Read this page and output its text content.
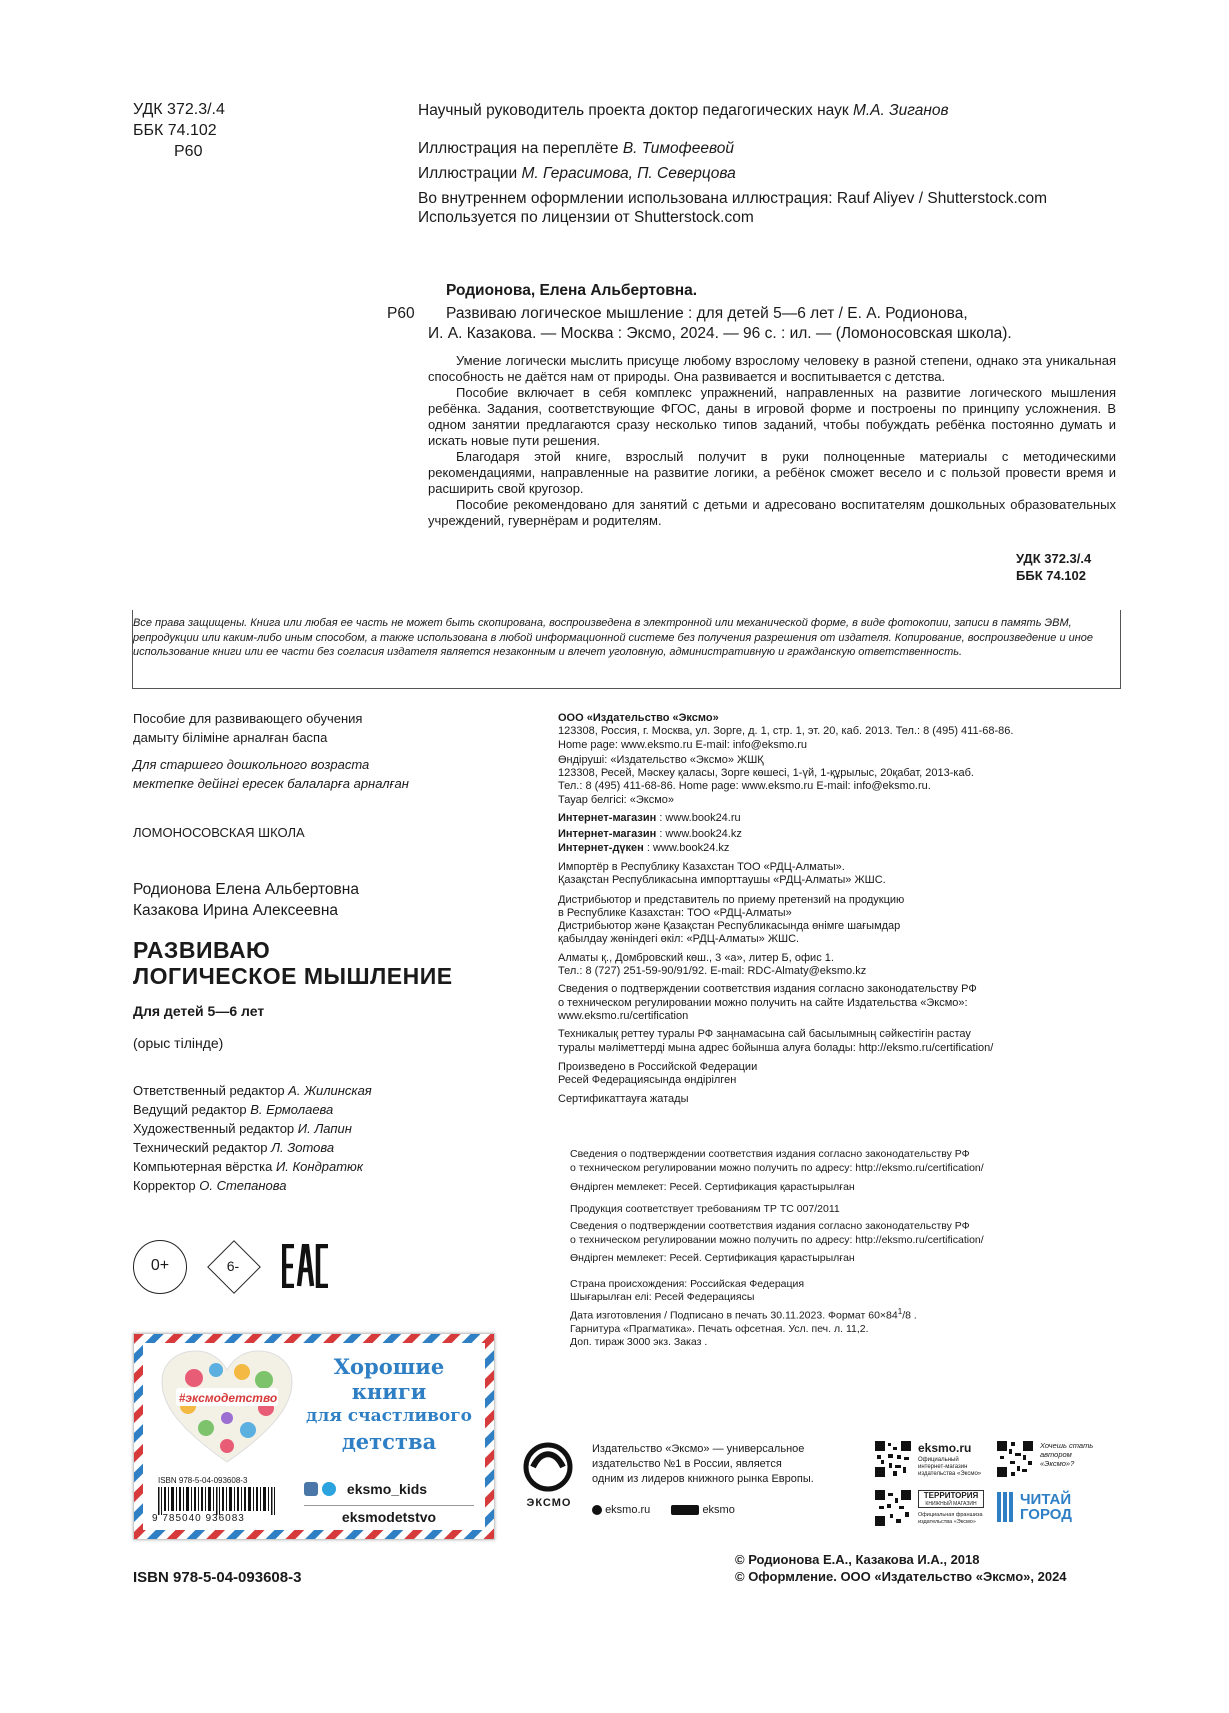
УДК 372.3/.4
ББК 74.102
Р60
Научный руководитель проекта доктор педагогических наук М.А. Зиганов
Иллюстрация на переплёте В. Тимофеевой
Иллюстрации М. Герасимова, П. Северцова
Во внутреннем оформлении использована иллюстрация: Rauf Aliyev / Shutterstock.com
Используется по лицензии от Shutterstock.com
Родионова, Елена Альбертовна.
Р60	Развиваю логическое мышление : для детей 5—6 лет / Е. А. Родионова,
И. А. Казакова. — Москва : Эксмо, 2024. — 96 с. : ил. — (Ломоносовская школа).
Умение логически мыслить присуще любому взрослому человеку в разной степени, однако эта уникальная способность не даётся нам от природы. Она развивается и воспитывается с детства.
Пособие включает в себя комплекс упражнений, направленных на развитие логического мышления ребёнка. Задания, соответствующие ФГОС, даны в игровой форме и построены по принципу усложнения. В одном занятии предлагаются сразу несколько типов заданий, чтобы побуждать ребёнка постоянно думать и искать новые пути решения.
Благодаря этой книге, взрослый получит в руки полноценные материалы с методическими рекомендациями, направленные на развитие логики, а ребёнок сможет весело и с пользой провести время и расширить свой кругозор.
Пособие рекомендовано для занятий с детьми и адресовано воспитателям дошкольных образовательных учреждений, гувернёрам и родителям.
УДК 372.3/.4
ББК 74.102
Все права защищены. Книга или любая ее часть не может быть скопирована, воспроизведена в электронной или механической форме, в виде фотокопии, записи в память ЭВМ, репродукции или каким-либо иным способом, а также использована в любой информационной системе без получения разрешения от издателя. Копирование, воспроизведение и иное использование книги или ее части без согласия издателя является незаконным и влечет уголовную, административную и гражданскую ответственность.
Пособие для развивающего обучения
дамыту біліміне арналған баспа
Для старшего дошкольного возраста
мектепке дейінгі ересек балаларға арналған
ЛОМОНОСОВСКАЯ ШКОЛА
Родионова Елена Альбертовна
Казакова Ирина Алексеевна
РАЗВИВАЮ
ЛОГИЧЕСКОЕ МЫШЛЕНИЕ
Для детей 5—6 лет
(орыс тілінде)
Ответственный редактор А. Жилинская
Ведущий редактор В. Ермолаева
Художественный редактор И. Лапин
Технический редактор Л. Зотова
Компьютерная вёрстка И. Кондратюк
Корректор О. Степанова
0+	6-
EAC
#эксмодетство
Хорошие
книги
для счастливого
детства
ISBN 978-5-04-093608-3
9 785040 936083
eksmo_kids
eksmodetstvo
ООО «Издательство «Эксмо»
123308, Россия, г. Москва, ул. Зорге, д. 1, стр. 1, эт. 20, каб. 2013. Тел.: 8 (495) 411-68-86.
Home page: www.eksmo.ru E-mail: info@eksmo.ru
Өндіруші: «Издательство «Эксмо» ЖШҚ
123308, Ресей, Мәскеу қаласы, Зорге көшесі, 1-үй, 1-құрылыс, 20қабат, 2013-каб.
Тел.: 8 (495) 411-68-86. Home page: www.eksmo.ru E-mail: info@eksmo.ru.
Тауар белгісі: «Эксмо»
Интернет-магазин : www.book24.ru
Интернет-магазин : www.book24.kz
Интернет-дүкен : www.book24.kz
Импортёр в Республику Казахстан ТОО «РДЦ-Алматы».
Қазақстан Республикасына импорттаушы «РДЦ-Алматы» ЖШС.
Дистрибьютор и представитель по приему претензий на продукцию
в Республике Казахстан: ТОО «РДЦ-Алматы»
Дистрибьютор және Қазақстан Республикасында өнімге шағымдар
қабылдау жөніндегі өкіл: «РДЦ-Алматы» ЖШС.
Алматы қ., Домбровский көш., 3 «а», литер Б, офис 1.
Тел.: 8 (727) 251-59-90/91/92. E-mail: RDC-Almaty@eksmo.kz
Сведения о подтверждении соответствия издания согласно законодательству РФ
о техническом регулировании можно получить на сайте Издательства «Эксмо»:
www.eksmo.ru/certification
Техникалық реттеу туралы РФ заңнамасына сай басылымның сәйкестігін растау
туралы мәліметтерді мына адрес бойынша алуға болады: http://eksmo.ru/certification/
Произведено в Российской Федерации
Ресей Федерациясында өндірілген
Сертификаттауға жатады
Сведения о подтверждении соответствия издания согласно законодательству РФ
о техническом регулировании можно получить по адресу: http://eksmo.ru/certification/
Өндірген мемлекет: Ресей. Сертификация қарастырылған
Продукция соответствует требованиям ТР ТС 007/2011
Сведения о подтверждении соответствия издания согласно законодательству РФ
о техническом регулировании можно получить по адресу: http://eksmo.ru/certification/
Өндірген мемлекет: Ресей. Сертификация қарастырылған
Страна происхождения: Российская Федерация
Шығарылған елі: Ресей Федерациясы
Дата изготовления / Подписано в печать 30.11.2023. Формат $60\times 84^1/8$ .
Гарнитура «Прагматика». Печать офсетная. Усл. печ. л. 11,2.
Доп. тираж 3000 экз. Заказ .
ЭКСМО
Издательство «Эксмо» — универсальное
издательство №1 в России, является
одним из лидеров книжного рынка Европы.
eksmo.ru	eksmo
eksmo.ru
Официальный интернет-магазин издательства «Эксмо»
Хочешь стать автором «Эксмо»?
ТЕРРИТОРИЯ
КНИЖНЫЙ МАГАЗИН
Официальная франшиза издательства «Эксмо»
ЧИТАЙ
ГОРОД
ISBN 978-5-04-093608-3
© Родионова Е.А., Казакова И.А., 2018
© Оформление. ООО «Издательство «Эксмо», 2024
